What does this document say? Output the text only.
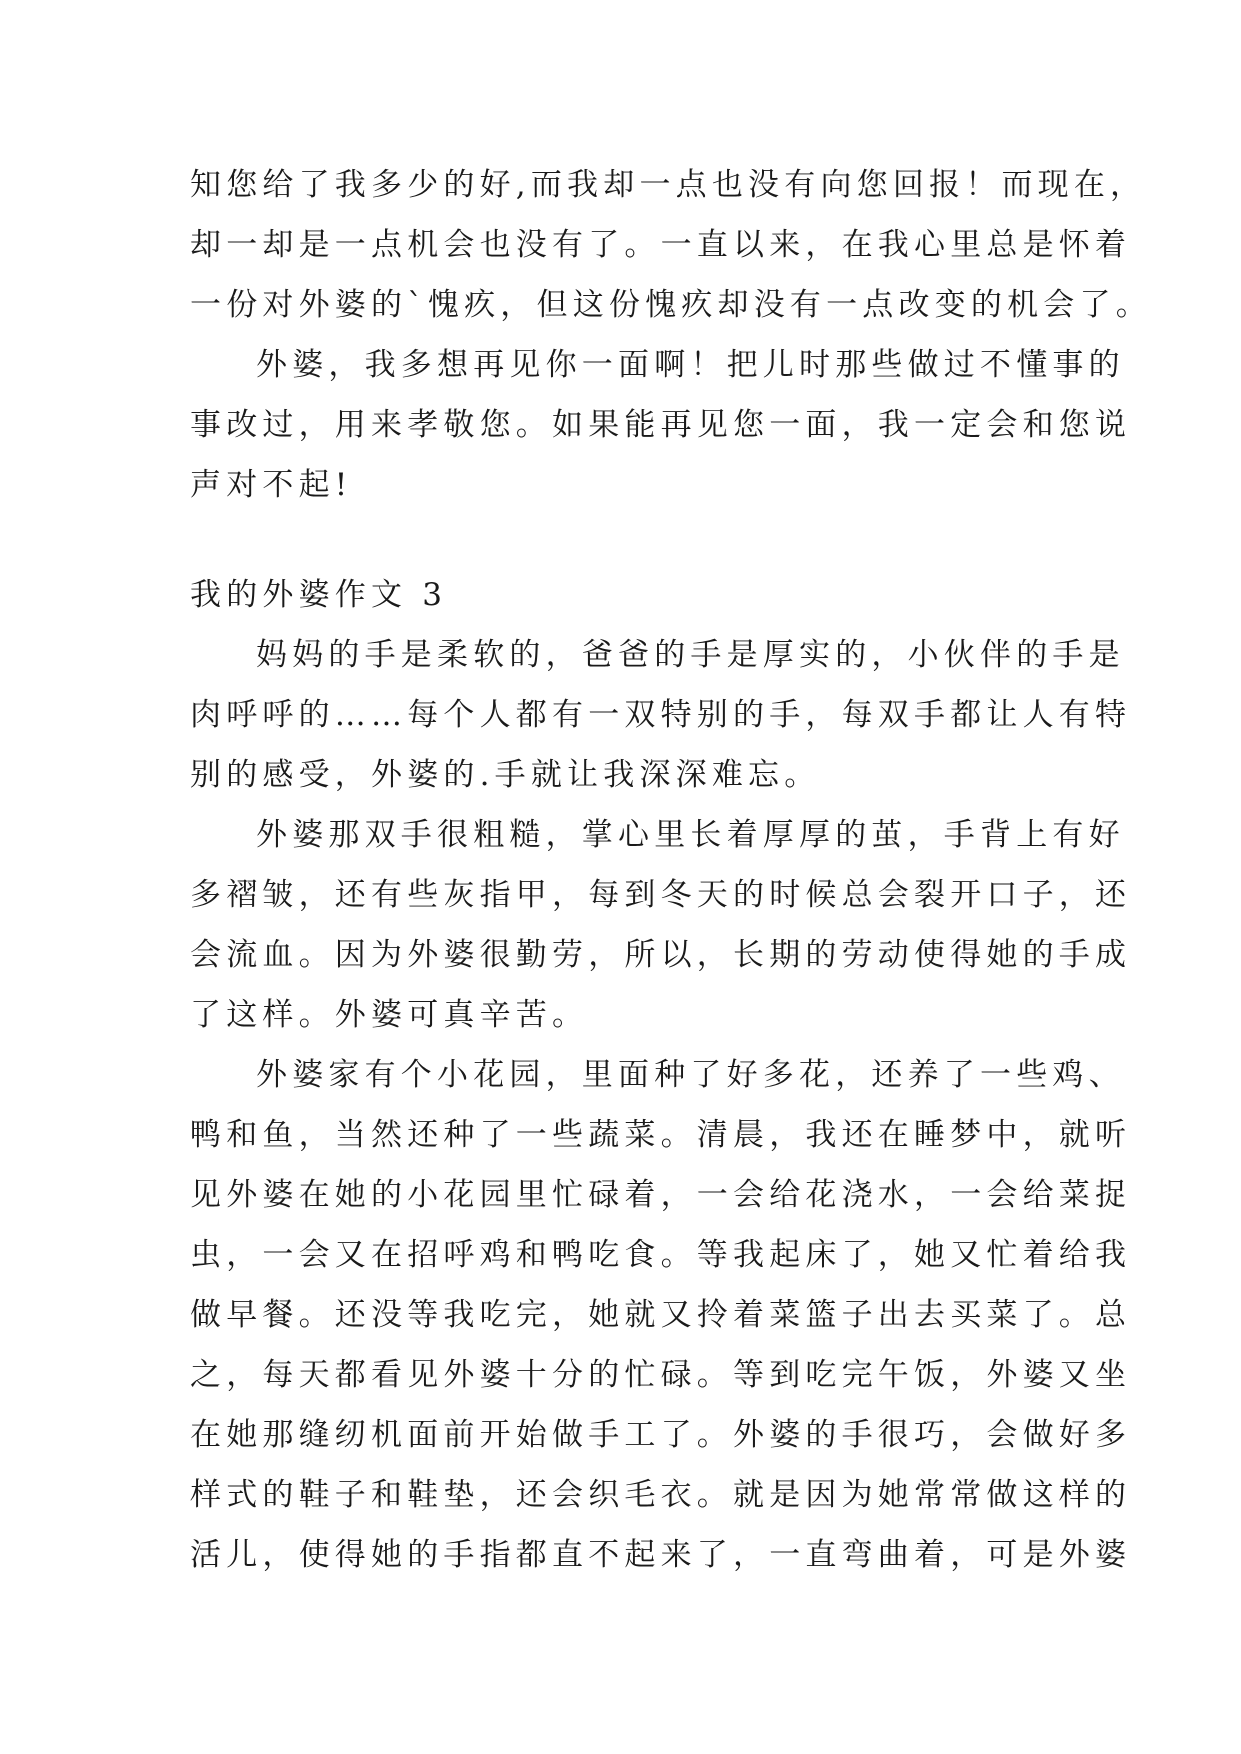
知您给了我多少的好,而我却一点也没有向您回报！而现在，
却一却是一点机会也没有了。一直以来，在我心里总是怀着
一份对外婆的`愧疚，但这份愧疚却没有一点改变的机会了。
外婆，我多想再见你一面啊！把儿时那些做过不懂事的
事改过，用来孝敬您。如果能再见您一面，我一定会和您说
声对不起!
我的外婆作文 3
妈妈的手是柔软的，爸爸的手是厚实的，小伙伴的手是
肉呼呼的……每个人都有一双特别的手，每双手都让人有特
别的感受，外婆的.手就让我深深难忘。
外婆那双手很粗糙，掌心里长着厚厚的茧，手背上有好
多褶皱，还有些灰指甲，每到冬天的时候总会裂开口子，还
会流血。因为外婆很勤劳，所以，长期的劳动使得她的手成
了这样。外婆可真辛苦。
外婆家有个小花园，里面种了好多花，还养了一些鸡、
鸭和鱼，当然还种了一些蔬菜。清晨，我还在睡梦中，就听
见外婆在她的小花园里忙碌着，一会给花浇水，一会给菜捉
虫，一会又在招呼鸡和鸭吃食。等我起床了，她又忙着给我
做早餐。还没等我吃完，她就又拎着菜篮子出去买菜了。总
之，每天都看见外婆十分的忙碌。等到吃完午饭，外婆又坐
在她那缝纫机面前开始做手工了。外婆的手很巧，会做好多
样式的鞋子和鞋垫，还会织毛衣。就是因为她常常做这样的
活儿，使得她的手指都直不起来了，一直弯曲着，可是外婆
